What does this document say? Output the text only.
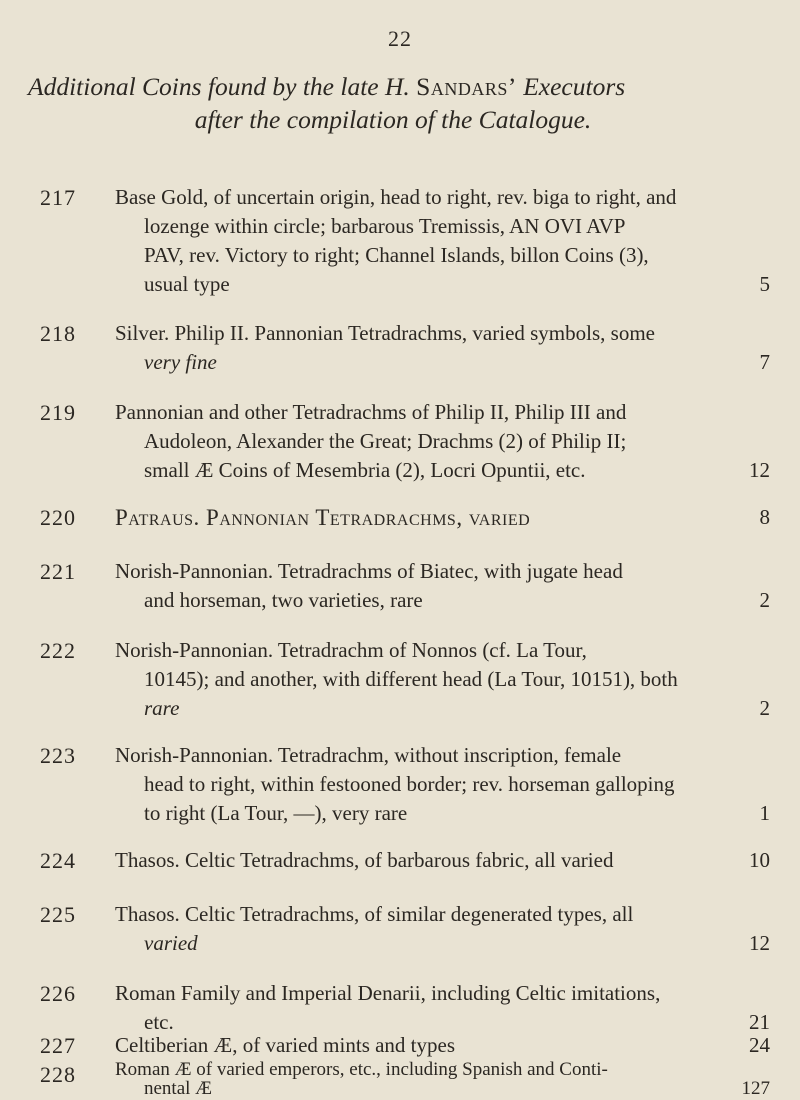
22
Additional Coins found by the late H. Sandars’ Executors
after the compilation of the Catalogue.
217 Base Gold, of uncertain origin, head to right, rev. biga to right, and
lozenge within circle; barbarous Tremissis, AN OVI AVP
PAV, rev. Victory to right; Channel Islands, billon Coins (3),
usual type	5
218 Silver. Philip II. Pannonian Tetradrachms, varied symbols, some
very fine	7
219 Pannonian and other Tetradrachms of Philip II, Philip III and
Audoleon, Alexander the Great; Drachms (2) of Philip II;
small Æ Coins of Mesembria (2), Locri Opuntii, etc.	12
220 Patraus. Pannonian Tetradrachms, varied	8
221 Norish-Pannonian. Tetradrachms of Biatec, with jugate head
and horseman, two varieties, rare	2
222 Norish-Pannonian. Tetradrachm of Nonnos (cf. La Tour,
10145); and another, with different head (La Tour, 10151), both
rare	2
223 Norish-Pannonian. Tetradrachm, without inscription, female
head to right, within festooned border; rev. horseman galloping
to right (La Tour, —), very rare	1
224 Thasos. Celtic Tetradrachms, of barbarous fabric, all varied	10
225 Thasos. Celtic Tetradrachms, of similar degenerated types, all
varied	12
226 Roman Family and Imperial Denarii, including Celtic imitations,
etc.	21
227 Celtiberian Æ, of varied mints and types	24
228 Roman Æ of varied emperors, etc., including Spanish and Conti-
nental Æ	127
